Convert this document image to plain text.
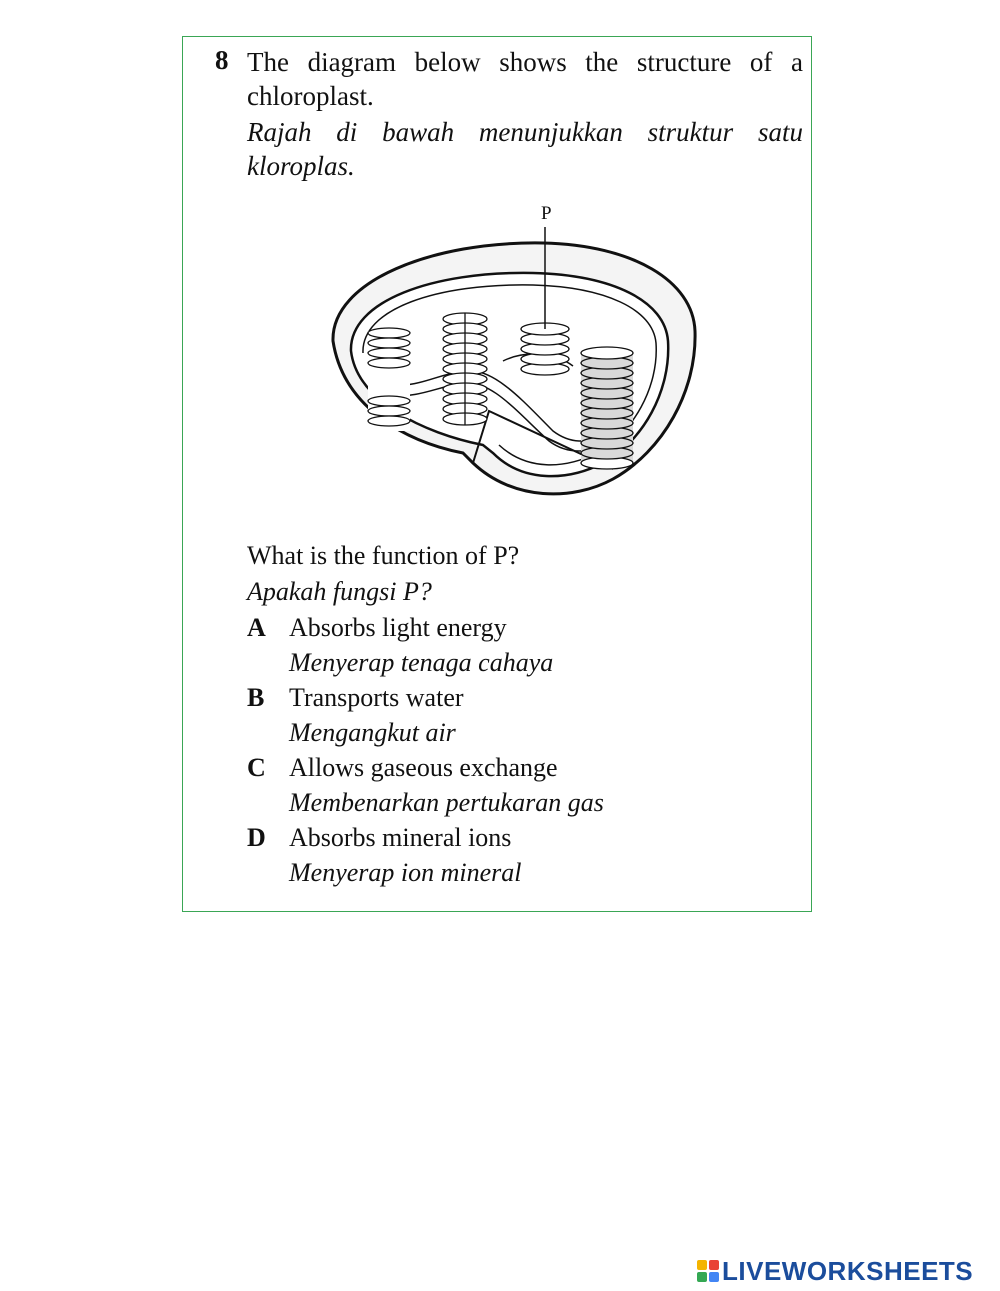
8 The diagram below shows the structure of a chloroplast.
Rajah di bawah menunjukkan struktur satu kloroplas.
P
What is the function of P?
Apakah fungsi P?
A Absorbs light energy
Menyerap tenaga cahaya
B Transports water
Mengangkut air
C Allows gaseous exchange
Membenarkan pertukaran gas
D Absorbs mineral ions
Menyerap ion mineral
LIVEWORKSHEETS
